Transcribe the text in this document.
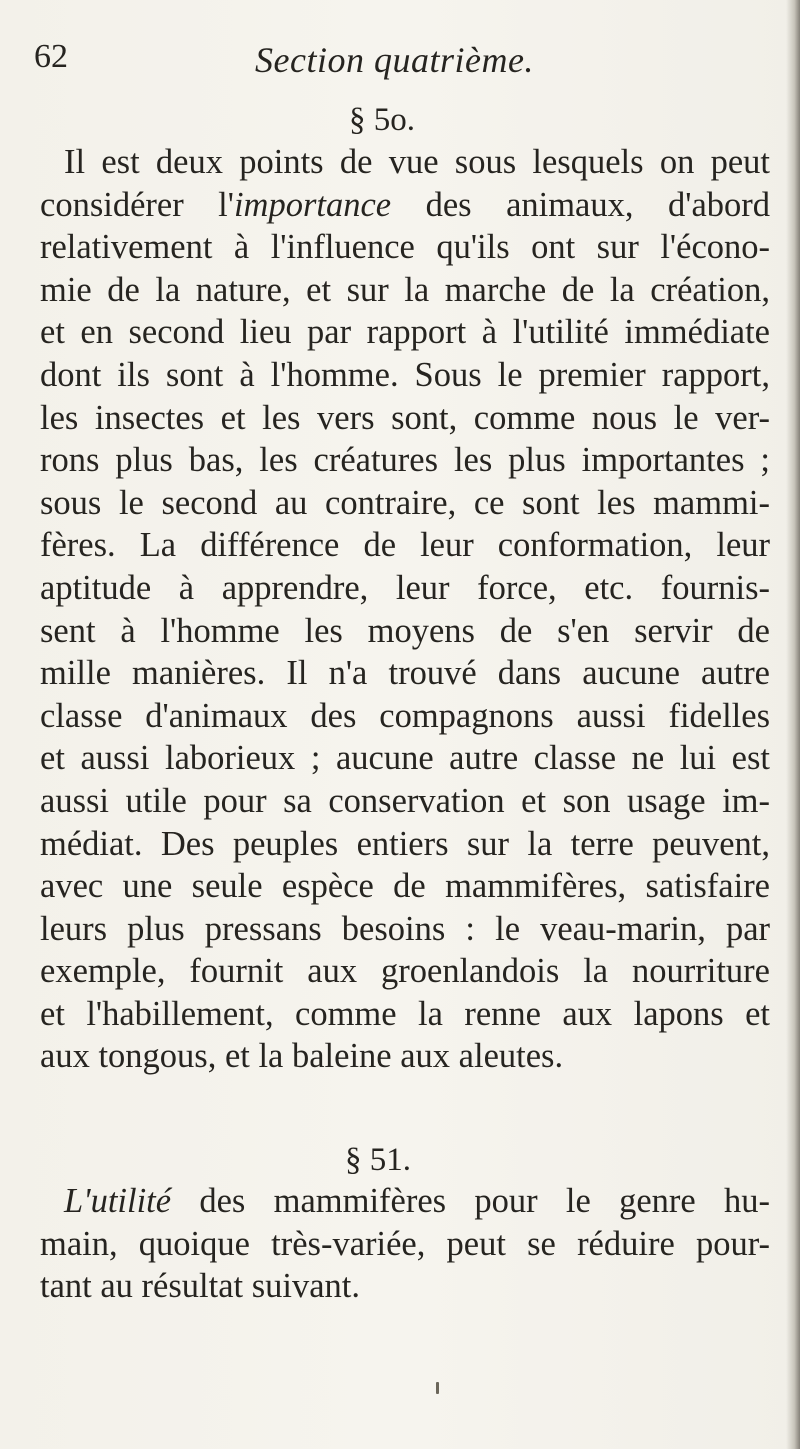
62	Section quatrième.
§ 5o.
Il est deux points de vue sous lesquels on peut
considérer l'importance des animaux, d'abord
relativement à l'influence qu'ils ont sur l'écono-
mie de la nature, et sur la marche de la création,
et en second lieu par rapport à l'utilité immédiate
dont ils sont à l'homme. Sous le premier rapport,
les insectes et les vers sont, comme nous le ver-
rons plus bas, les créatures les plus importantes ;
sous le second au contraire, ce sont les mammi-
fères. La différence de leur conformation, leur
aptitude à apprendre, leur force, etc. fournis-
sent à l'homme les moyens de s'en servir de
mille manières. Il n'a trouvé dans aucune autre
classe d'animaux des compagnons aussi fidelles
et aussi laborieux ; aucune autre classe ne lui est
aussi utile pour sa conservation et son usage im-
médiat. Des peuples entiers sur la terre peuvent,
avec une seule espèce de mammifères, satisfaire
leurs plus pressans besoins : le veau-marin, par
exemple, fournit aux groenlandois la nourriture
et l'habillement, comme la renne aux lapons et
aux tongous, et la baleine aux aleutes.
§ 51.
L'utilité des mammifères pour le genre hu-
main, quoique très-variée, peut se réduire pour-
tant au résultat suivant.
